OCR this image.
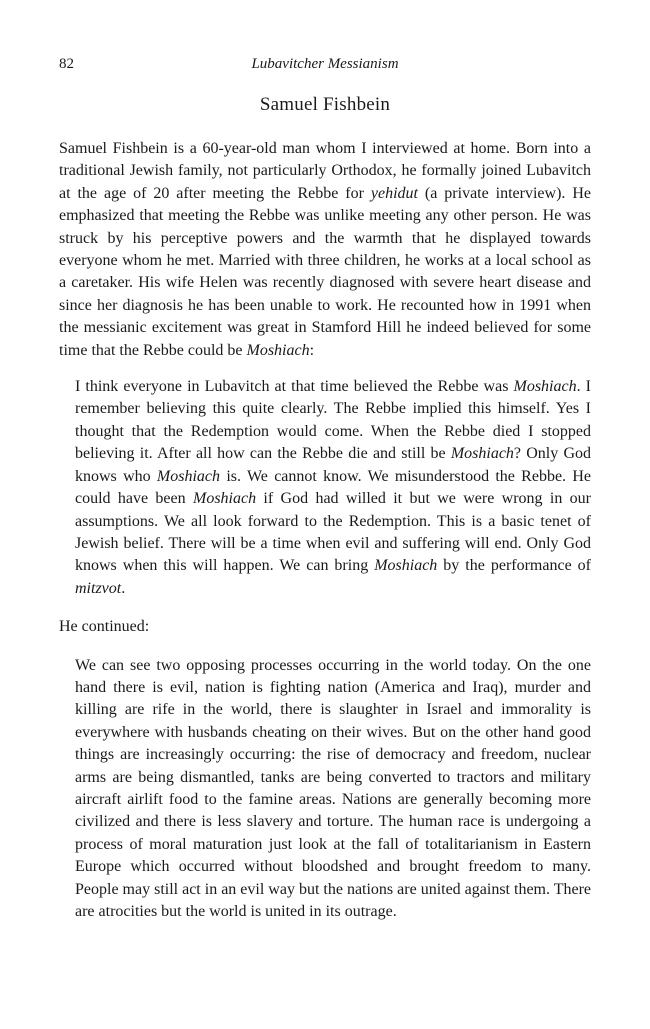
82	Lubavitcher Messianism
Samuel Fishbein

Samuel Fishbein is a 60-year-old man whom I interviewed at home. Born into a traditional Jewish family, not particularly Orthodox, he formally joined Lubavitch at the age of 20 after meeting the Rebbe for yehidut (a private interview). He emphasized that meeting the Rebbe was unlike meeting any other person. He was struck by his perceptive powers and the warmth that he displayed towards everyone whom he met. Married with three children, he works at a local school as a caretaker. His wife Helen was recently diagnosed with severe heart disease and since her diagnosis he has been unable to work. He recounted how in 1991 when the messianic excitement was great in Stamford Hill he indeed believed for some time that the Rebbe could be Moshiach:

I think everyone in Lubavitch at that time believed the Rebbe was Moshiach. I remember believing this quite clearly. The Rebbe implied this himself. Yes I thought that the Redemption would come. When the Rebbe died I stopped believing it. After all how can the Rebbe die and still be Moshiach? Only God knows who Moshiach is. We cannot know. We misunderstood the Rebbe. He could have been Moshiach if God had willed it but we were wrong in our assumptions. We all look forward to the Redemption. This is a basic tenet of Jewish belief. There will be a time when evil and suffering will end. Only God knows when this will happen. We can bring Moshiach by the performance of mitzvot.

He continued:

We can see two opposing processes occurring in the world today. On the one hand there is evil, nation is fighting nation (America and Iraq), murder and killing are rife in the world, there is slaughter in Israel and immorality is everywhere with husbands cheating on their wives. But on the other hand good things are increasingly occurring: the rise of democracy and freedom, nuclear arms are being dismantled, tanks are being converted to tractors and military aircraft airlift food to the famine areas. Nations are generally becoming more civilized and there is less slavery and torture. The human race is undergoing a process of moral maturation just look at the fall of totalitarianism in Eastern Europe which occurred without bloodshed and brought freedom to many. People may still act in an evil way but the nations are united against them. There are atrocities but the world is united in its outrage.
